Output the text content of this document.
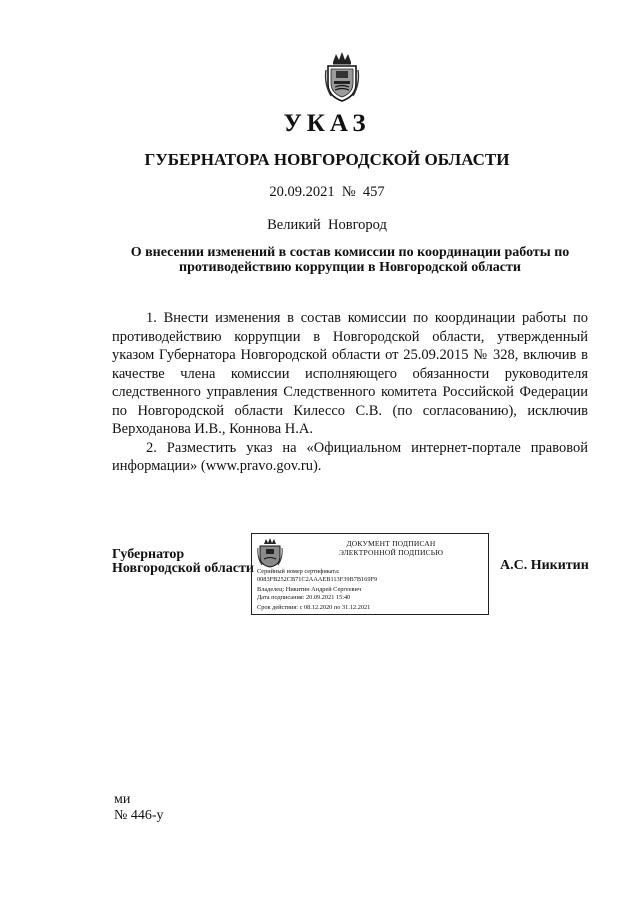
УКАЗ
ГУБЕРНАТОРА НОВГОРОДСКОЙ ОБЛАСТИ
20.09.2021  №  457
Великий  Новгород
О внесении изменений в состав комиссии по координации работы по
противодействию коррупции в Новгородской области

1. Внести изменения в состав комиссии по координации работы по противодействию коррупции в Новгородской области, утвержденный указом Губернатора Новгородской области от 25.09.2015 № 328, включив в качестве члена комиссии исполняющего обязанности руководителя следственного управления Следственного комитета Российской Федерации по Новгородской области Килессо С.В. (по согласованию), исключив Верходанова И.В., Коннова Н.А.

2. Разместить указ на «Официальном интернет-портале правовой информации» (www.pravo.gov.ru).

Губернатор
Новгородской области
ДОКУМЕНТ ПОДПИСАН
ЭЛЕКТРОННОЙ ПОДПИСЬЮ
Серийный номер сертификата:
0083FB252CB71C2AAAEB113F39B7B169F9
Владелец: Никитин Андрей Сергеевич
Дата подписания: 20.09.2021 15:40
Срок действия: с 08.12.2020 по 31.12.2021
А.С. Никитин
ми
№ 446-у
